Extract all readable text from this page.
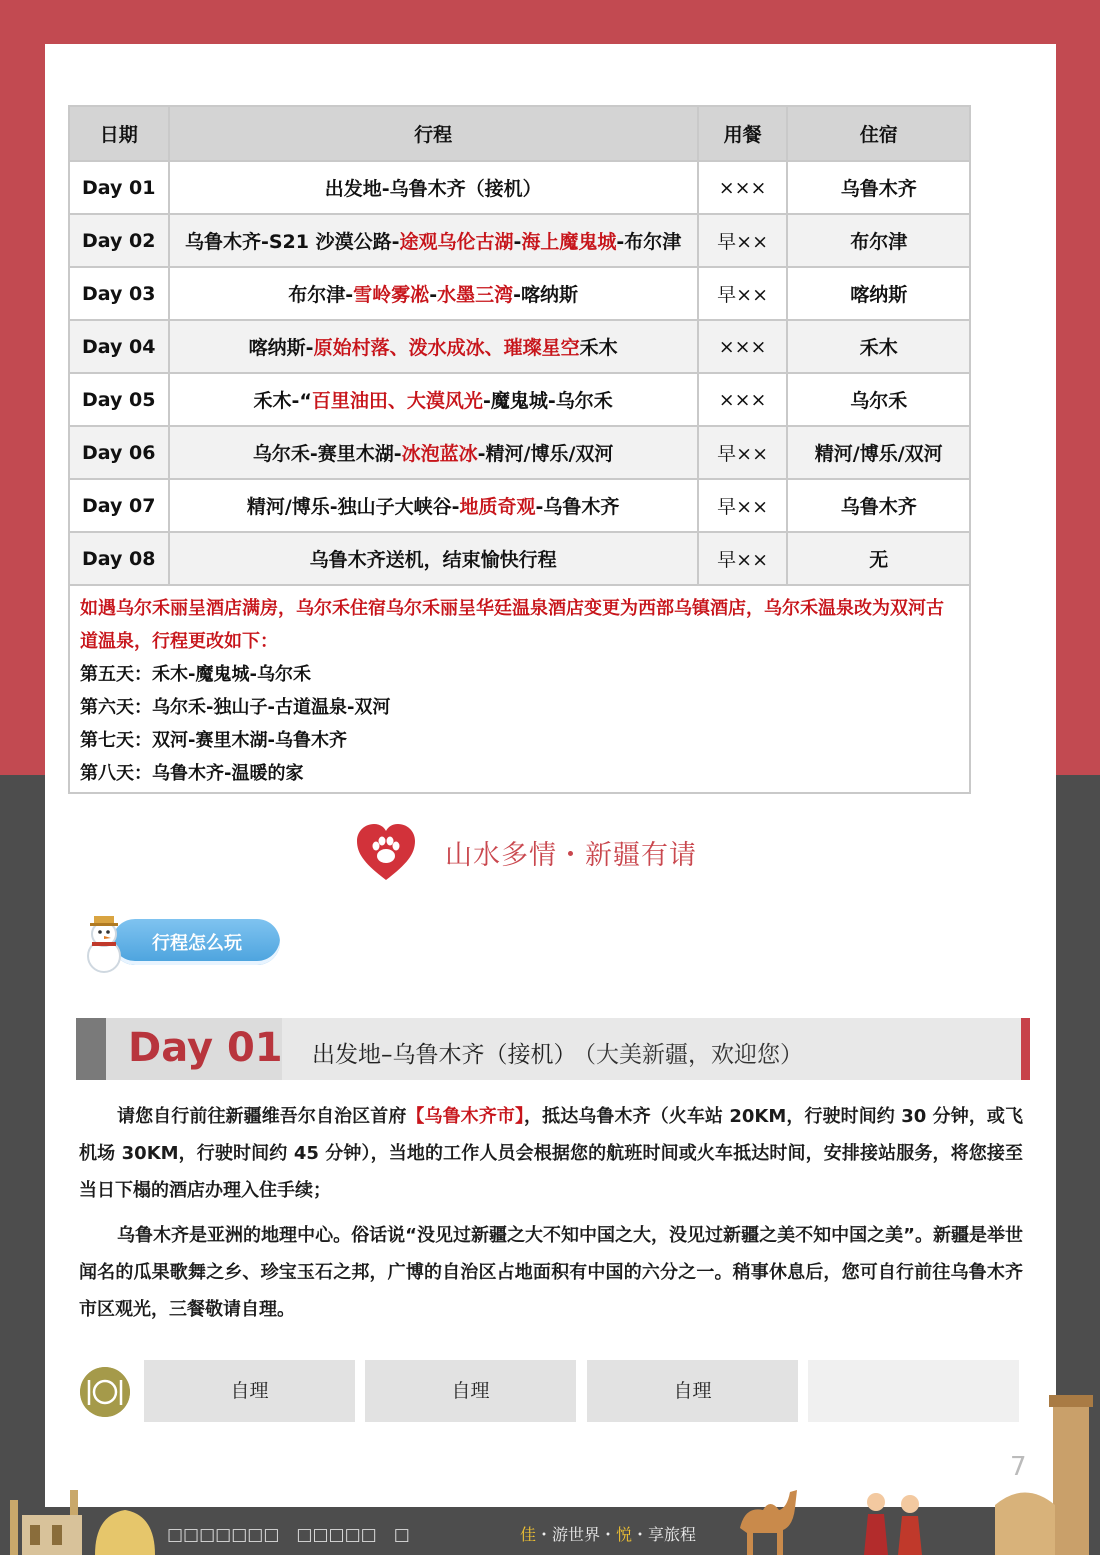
日期	行程	用餐	住宿
Day 01	出发地-乌鲁木齐（接机）	×××	乌鲁木齐
Day 02	乌鲁木齐-S21 沙漠公路-途观乌伦古湖-海上魔鬼城-布尔津	早××	布尔津
Day 03	布尔津-雪岭雾凇-水墨三湾-喀纳斯	早××	喀纳斯
Day 04	喀纳斯-原始村落、泼水成冰、璀璨星空禾木	×××	禾木
Day 05	禾木-“百里油田、大漠风光-魔鬼城-乌尔禾	×××	乌尔禾
Day 06	乌尔禾-赛里木湖-冰泡蓝冰-精河/博乐/双河	早××	精河/博乐/双河
Day 07	精河/博乐-独山子大峡谷-地质奇观-乌鲁木齐	早××	乌鲁木齐
Day 08	乌鲁木齐送机，结束愉快行程	早××	无

如遇乌尔禾丽呈酒店满房，乌尔禾住宿乌尔禾丽呈华廷温泉酒店变更为西部乌镇酒店，乌尔禾温泉改为双河古道温泉，行程更改如下：
第五天：禾木-魔鬼城-乌尔禾
第六天：乌尔禾-独山子-古道温泉-双河
第七天：双河-赛里木湖-乌鲁木齐
第八天：乌鲁木齐-温暖的家			
山水多情・新疆有请
行程怎么玩
Day 01 出发地–乌鲁木齐（接机） （大美新疆，欢迎您）
请您自行前往新疆维吾尔自治区首府【乌鲁木齐市】，抵达乌鲁木齐（火车站 20KM，行驶时间约 30 分钟，或飞机场 30KM，行驶时间约 45 分钟），当地的工作人员会根据您的航班时间或火车抵达时间，安排接站服务，将您接至当日下榻的酒店办理入住手续；
乌鲁木齐是亚洲的地理中心。俗话说“没见过新疆之大不知中国之大，没见过新疆之美不知中国之美”。新疆是举世闻名的瓜果歌舞之乡、珍宝玉石之邦，广博的自治区占地面积有中国的六分之一。稍事休息后，您可自行前往乌鲁木齐市区观光，三餐敬请自理。
自理	自理	自理
7
□□□□□□□　□□□□□　□	佳・游世界・悦・享旅程
